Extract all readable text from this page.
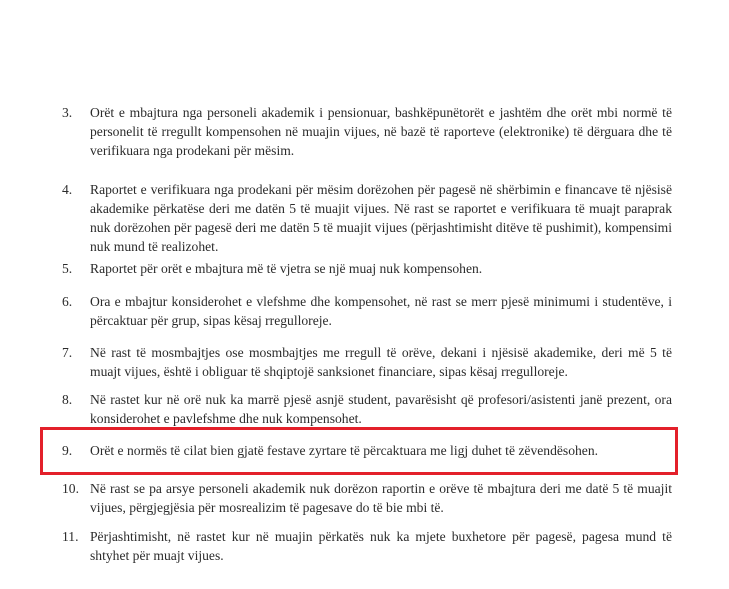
3.	Orët e mbajtura nga personeli akademik i pensionuar, bashkëpunëtorët e jashtëm dhe orët mbi normë të personelit të rregullt kompensohen në muajin vijues, në bazë të raporteve (elektronike) të dërguara dhe të verifikuara nga prodekani për mësim.
4.	Raportet e verifikuara nga prodekani për mësim dorëzohen për pagesë në shërbimin e financave të njësisë akademike përkatëse deri me datën 5 të muajit vijues. Në rast se raportet e verifikuara të muajt paraprak nuk dorëzohen për pagesë deri me datën 5 të muajit vijues (përjashtimisht ditëve të pushimit), kompensimi nuk mund të realizohet.
5.	Raportet për orët e mbajtura më të vjetra se një muaj nuk kompensohen.
6.	Ora e mbajtur konsiderohet e vlefshme dhe kompensohet, në rast se merr pjesë minimumi i studentëve, i përcaktuar për grup, sipas kësaj rregulloreje.
7.	Në rast të mosmbajtjes ose mosmbajtjes me rregull të orëve, dekani i njësisë akademike, deri më 5 të muajt vijues, është i obliguar të shqiptojë sanksionet financiare, sipas kësaj rregulloreje.
8.	Në rastet kur në orë nuk ka marrë pjesë asnjë student, pavarësisht që profesori/asistenti janë prezent, ora konsiderohet e pavlefshme dhe nuk kompensohet.
9.	Orët e normës të cilat bien gjatë festave zyrtare të përcaktuara me ligj duhet të zëvendësohen.
10. Në rast se pa arsye personeli akademik nuk dorëzon raportin e orëve të mbajtura deri me datë 5 të muajit vijues, përgjegjësia për mosrealizim të pagesave do të bie mbi të.
11. Përjashtimisht, në rastet kur në muajin përkatës nuk ka mjete buxhetore për pagesë, pagesa mund të shtyhet për muajt vijues.
